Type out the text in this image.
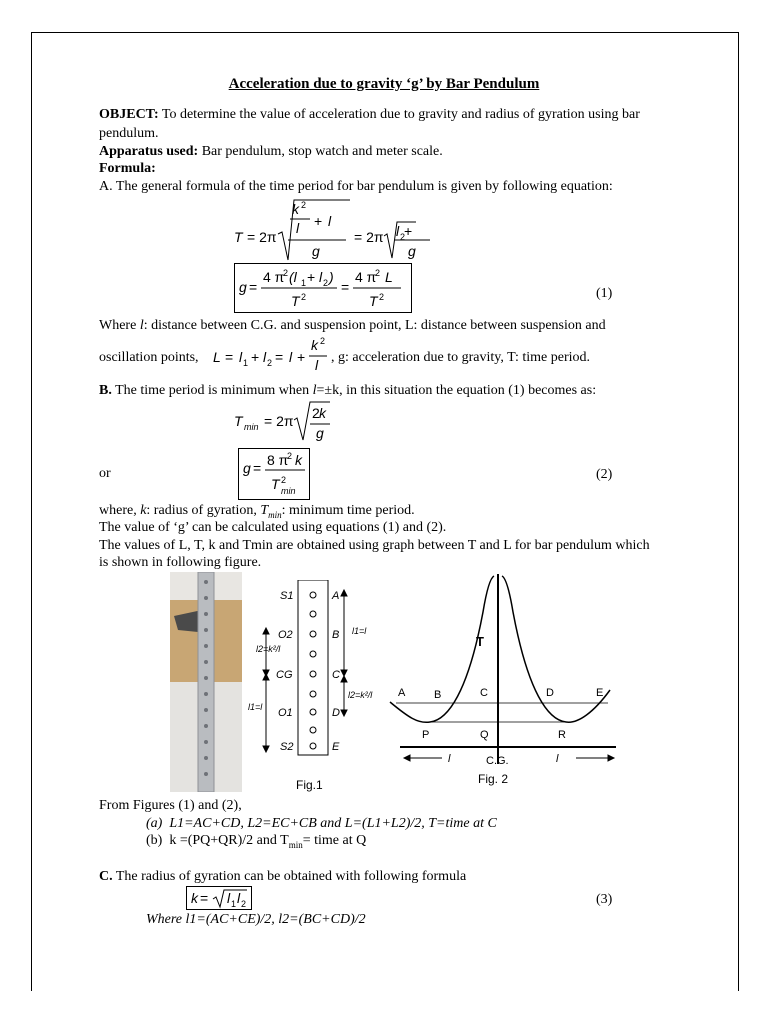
Acceleration due to gravity ‘g’ by Bar Pendulum
OBJECT: To determine the value of acceleration due to gravity and radius of gyration using bar
pendulum.
Apparatus used: Bar pendulum, stop watch and meter scale.
Formula:
A. The general formula of the time period for bar pendulum is given by following equation:
T = 2π
k 2
l + l
g
= 2π l 2
+
g
g =
4 π
2 (l 1 + l 2 )
T 2
=
4 π
2 L
T 2	(1)
Where l: distance between C.G. and suspension point, L: distance between suspension and
oscillation points, L = l 1 + l 2 = l +
k 2
l , g: acceleration due to gravity, T: time period.
B. The time period is minimum when l=±k, in this situation the equation (1) becomes as:
T min = 2π 2 k
g
or	g = 8 π
2 k
T 2
min
(2)
where, k: radius of gyration, $T_{min}$: minimum time period.
The value of ‘g’ can be calculated using equations (1) and (2).
The values of L, T, k and Tmin are obtained using graph between T and L for bar pendulum which
is shown in following figure.
S1
O2
CG
O1
S2
A
B
C
D
E
l2=k²/l
l1=l
l1=l
l2=k²/l
Fig.1
T
A	B	C	D	E
P	Q	R
C.G.
l	l
Fig. 2
From Figures (1) and (2),
(a) L1=AC+CD, L2=EC+CB and L=(L1+L2)/2, T=time at C
(b) k =(PQ+QR)/2 and $T_{min}=$ time at Q
C. The radius of gyration can be obtained with following formula
k = l 1 l 2	(3)
Where l1=(AC+CE)/2, l2=(BC+CD)/2
